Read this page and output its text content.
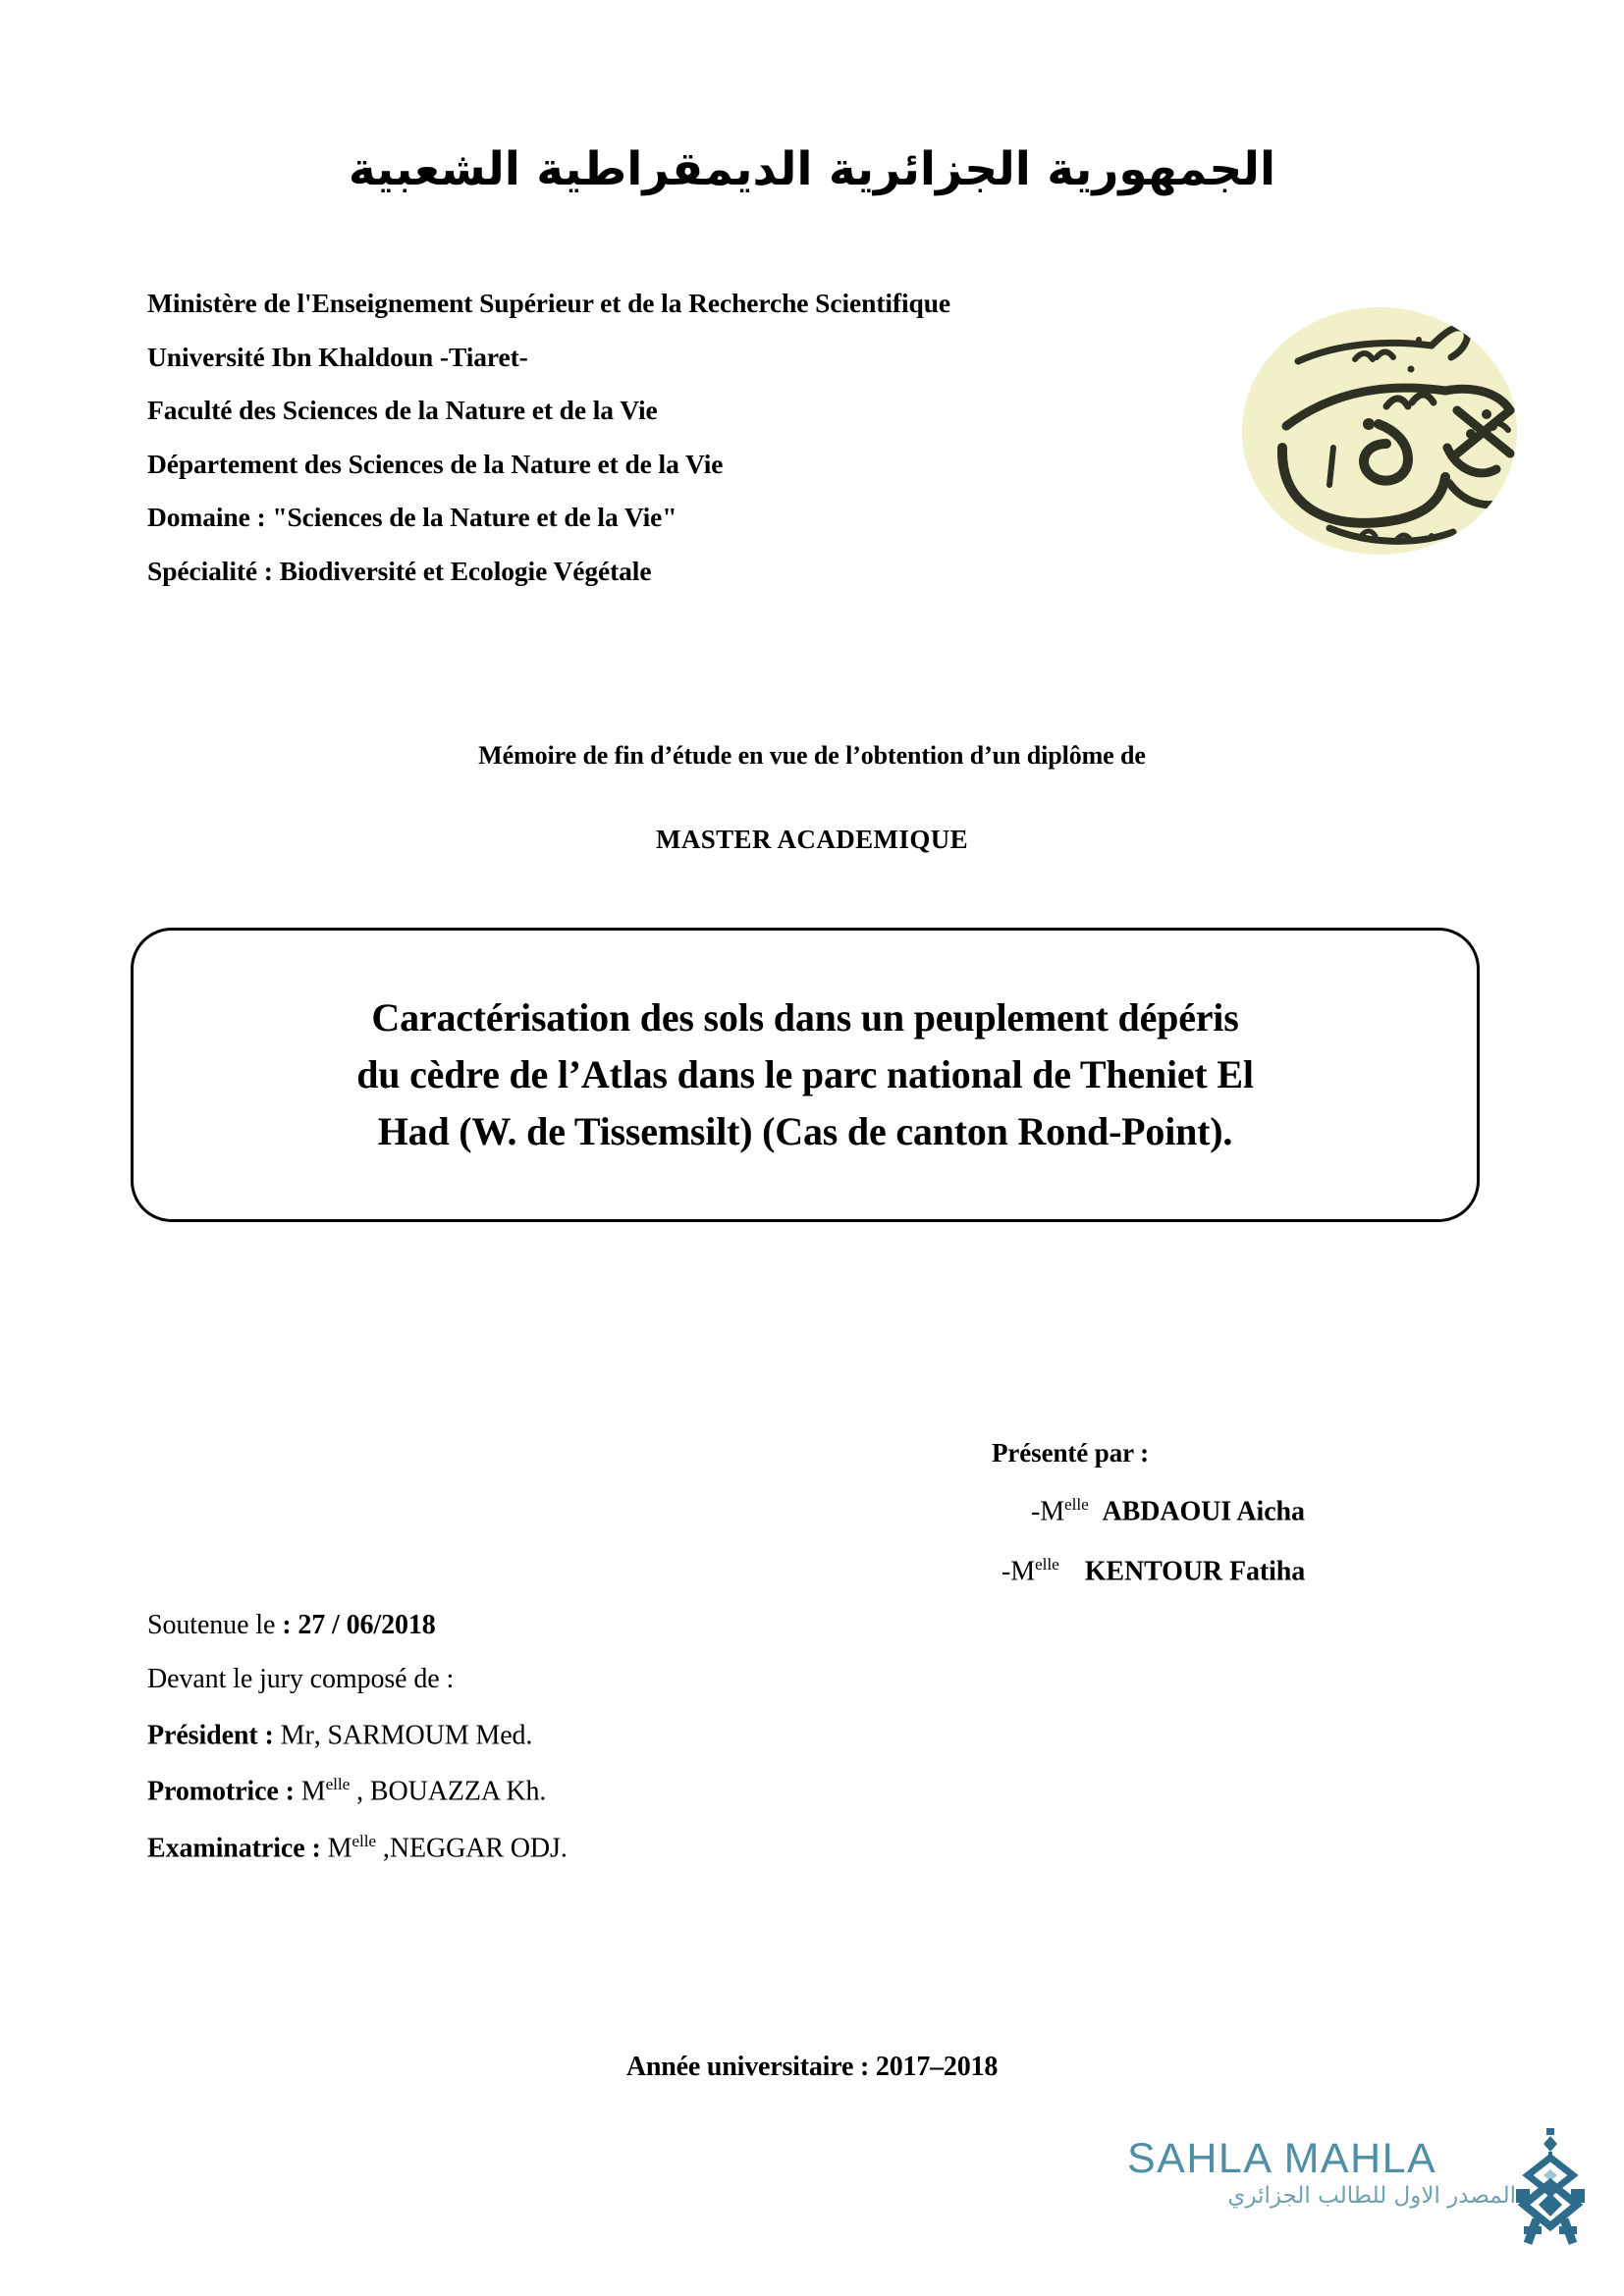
الجمهورية الجزائرية الديمقراطية الشعبية
Ministère de l'Enseignement Supérieur et de la Recherche Scientifique
Université Ibn Khaldoun -Tiaret-
Faculté des Sciences de la Nature et de la Vie
Département des Sciences de la Nature et de la Vie
Domaine : "Sciences de la Nature et de la Vie"
Spécialité : Biodiversité et Ecologie Végétale
Mémoire de fin d’étude en vue de l’obtention d’un diplôme de
MASTER ACADEMIQUE
Caractérisation des sols dans un peuplement dépéris
du cèdre de l’Atlas dans le parc national de Theniet El
Had (W. de Tissemsilt) (Cas de canton Rond-Point).
Présenté par :
$-M^{elle}$ ABDAOUI Aicha
$-M^{elle}$ KENTOUR Fatiha
Soutenue le : 27 / 06/2018
Devant le jury composé de :
Président : Mr, SARMOUM Med.
Promotrice : $M^{elle}$ , BOUAZZA Kh.
Examinatrice : $M^{elle}$ ,NEGGAR ODJ.
Année universitaire : 2017–2018
SAHLA MAHLA
المصدر الاول للطالب الجزائري
